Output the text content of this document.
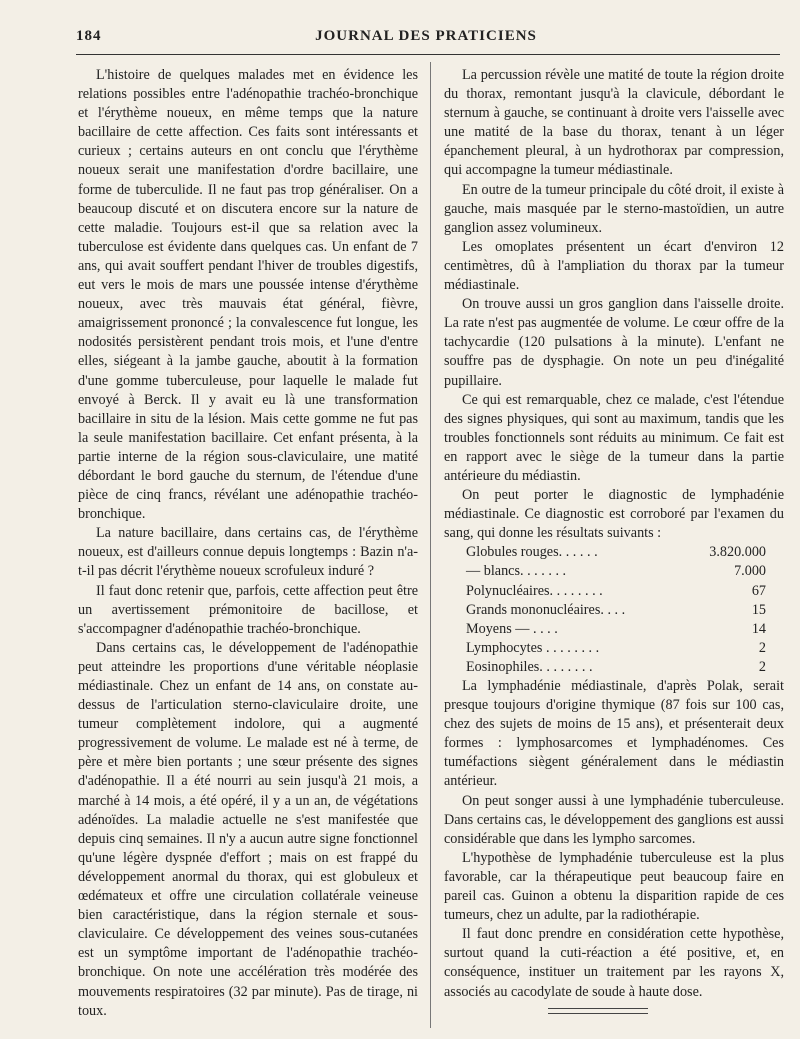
184	JOURNAL DES PRATICIENS

L'histoire de quelques malades met en évidence les relations possibles entre l'adénopathie trachéo-bronchique et l'érythème noueux, en même temps que la nature bacillaire de cette affection. Ces faits sont intéressants et curieux ; certains auteurs en ont conclu que l'érythème noueux serait une manifestation d'ordre bacillaire, une forme de tuberculide. Il ne faut pas trop généraliser. On a beaucoup discuté et on discutera encore sur la nature de cette maladie. Toujours est-il que sa relation avec la tuberculose est évidente dans quelques cas. Un enfant de 7 ans, qui avait souffert pendant l'hiver de troubles digestifs, eut vers le mois de mars une poussée intense d'érythème noueux, avec très mauvais état général, fièvre, amaigrissement prononcé ; la convalescence fut longue, les nodosités persistèrent pendant trois mois, et l'une d'entre elles, siégeant à la jambe gauche, aboutit à la formation d'une gomme tuberculeuse, pour laquelle le malade fut envoyé à Berck. Il y avait eu là une transformation bacillaire in situ de la lésion. Mais cette gomme ne fut pas la seule manifestation bacillaire. Cet enfant présenta, à la partie interne de la région sous-claviculaire, une matité débordant le bord gauche du sternum, de l'étendue d'une pièce de cinq francs, révélant une adénopathie trachéo-bronchique.

La nature bacillaire, dans certains cas, de l'érythème noueux, est d'ailleurs connue depuis longtemps : Bazin n'a-t-il pas décrit l'érythème noueux scrofuleux induré ?

Il faut donc retenir que, parfois, cette affection peut être un avertissement prémonitoire de bacillose, et s'accompagner d'adénopathie trachéo-bronchique.

Dans certains cas, le développement de l'adénopathie peut atteindre les proportions d'une véritable néoplasie médiastinale. Chez un enfant de 14 ans, on constate au-dessus de l'articulation sterno-claviculaire droite, une tumeur complètement indolore, qui a augmenté progressivement de volume. Le malade est né à terme, de père et mère bien portants ; une sœur présente des signes d'adénopathie. Il a été nourri au sein jusqu'à 21 mois, a marché à 14 mois, a été opéré, il y a un an, de végétations adénoïdes. La maladie actuelle ne s'est manifestée que depuis cinq semaines. Il n'y a aucun autre signe fonctionnel qu'une légère dyspnée d'effort ; mais on est frappé du développement anormal du thorax, qui est globuleux et œdémateux et offre une circulation collatérale veineuse bien caractéristique, dans la région sternale et sous-claviculaire. Ce développement des veines sous-cutanées est un symptôme important de l'adénopathie trachéo-bronchique. On note une accélération très modérée des mouvements respiratoires (32 par minute). Pas de tirage, ni toux.

La percussion révèle une matité de toute la région droite du thorax, remontant jusqu'à la clavicule, débordant le sternum à gauche, se continuant à droite vers l'aisselle avec une matité de la base du thorax, tenant à un léger épanchement pleural, à un hydrothorax par compression, qui accompagne la tumeur médiastinale.

En outre de la tumeur principale du côté droit, il existe à gauche, mais masquée par le sterno-mastoïdien, un autre ganglion assez volumineux.

Les omoplates présentent un écart d'environ 12 centimètres, dû à l'ampliation du thorax par la tumeur médiastinale.

On trouve aussi un gros ganglion dans l'aisselle droite. La rate n'est pas augmentée de volume. Le cœur offre de la tachycardie (120 pulsations à la minute). L'enfant ne souffre pas de dysphagie. On note un peu d'inégalité pupillaire.

Ce qui est remarquable, chez ce malade, c'est l'étendue des signes physiques, qui sont au maximum, tandis que les troubles fonctionnels sont réduits au minimum. Ce fait est en rapport avec le siège de la tumeur dans la partie antérieure du médiastin.

On peut porter le diagnostic de lymphadénie médiastinale. Ce diagnostic est corroboré par l'examen du sang, qui donne les résultats suivants :

Globules rouges. . . . . .	3.820.000
— blancs. . . . . . .	7.000
Polynucléaires. . . . . . . .	67
Grands mononucléaires. . . .	15
Moyens — . . . .	14
Lymphocytes . . . . . . . .	2
Eosinophiles. . . . . . . .	2

La lymphadénie médiastinale, d'après Polak, serait presque toujours d'origine thymique (87 fois sur 100 cas, chez des sujets de moins de 15 ans), et présenterait deux formes : lymphosarcomes et lymphadénomes. Ces tuméfactions siègent généralement dans le médiastin antérieur.

On peut songer aussi à une lymphadénie tuberculeuse. Dans certains cas, le développement des ganglions est aussi considérable que dans les lympho sarcomes.

L'hypothèse de lymphadénie tuberculeuse est la plus favorable, car la thérapeutique peut beaucoup faire en pareil cas. Guinon a obtenu la disparition rapide de ces tumeurs, chez un adulte, par la radiothérapie.

Il faut donc prendre en considération cette hypothèse, surtout quand la cuti-réaction a été positive, et, en conséquence, instituer un traitement par les rayons X, associés au cacodylate de soude à haute dose.
